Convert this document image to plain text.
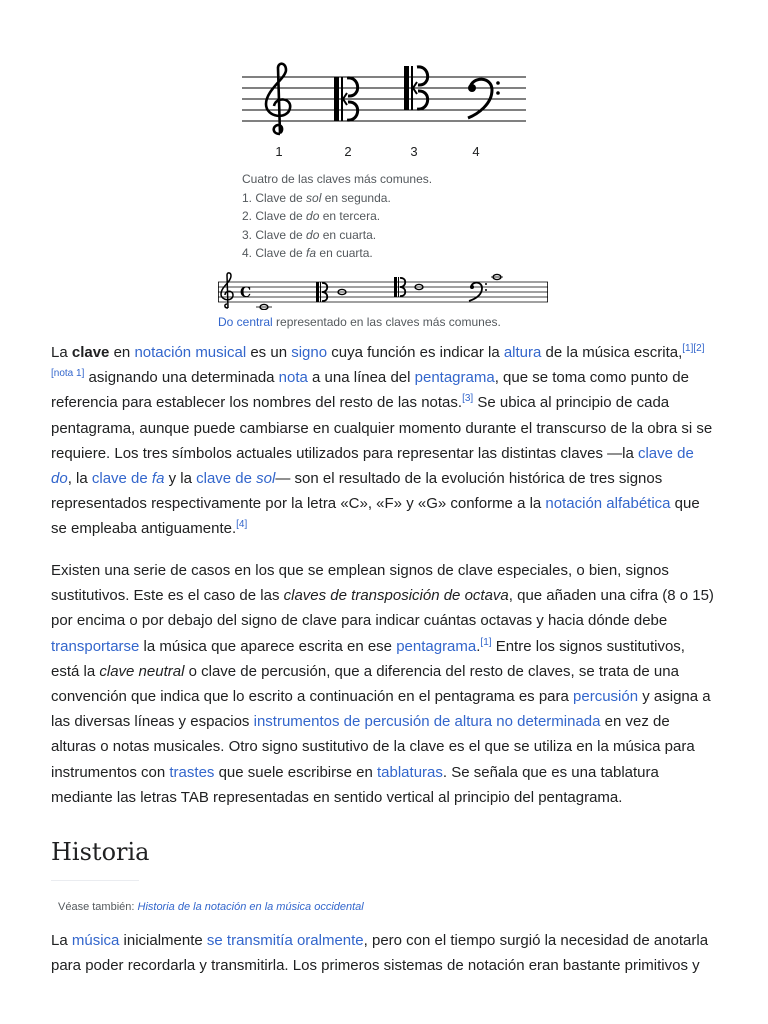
1	2	3	4
Cuatro de las claves más comunes.
1. Clave de sol en segunda.
2. Clave de do en tercera.
3. Clave de do en cuarta.
4. Clave de fa en cuarta.
C
Do central representado en las claves más comunes.

La clave en notación musical es un signo cuya función es indicar la altura de la música escrita,[1][2][nota 1] asignando una determinada nota a una línea del pentagrama, que se toma como punto de referencia para establecer los nombres del resto de las notas.[3] Se ubica al principio de cada pentagrama, aunque puede cambiarse en cualquier momento durante el transcurso de la obra si se requiere. Los tres símbolos actuales utilizados para representar las distintas claves —la clave de do, la clave de fa y la clave de sol— son el resultado de la evolución histórica de tres signos representados respectivamente por la letra «C», «F» y «G» conforme a la notación alfabética que se empleaba antiguamente.[4]

Existen una serie de casos en los que se emplean signos de clave especiales, o bien, signos sustitutivos. Este es el caso de las claves de transposición de octava, que añaden una cifra (8 o 15) por encima o por debajo del signo de clave para indicar cuántas octavas y hacia dónde debe transportarse la música que aparece escrita en ese pentagrama.[1] Entre los signos sustitutivos, está la clave neutral o clave de percusión, que a diferencia del resto de claves, se trata de una convención que indica que lo escrito a continuación en el pentagrama es para percusión y asigna a las diversas líneas y espacios instrumentos de percusión de altura no determinada en vez de alturas o notas musicales. Otro signo sustitutivo de la clave es el que se utiliza en la música para instrumentos con trastes que suele escribirse en tablaturas. Se señala que es una tablatura mediante las letras TAB representadas en sentido vertical al principio del pentagrama.

Historia
Véase también: Historia de la notación en la música occidental

La música inicialmente se transmitía oralmente, pero con el tiempo surgió la necesidad de anotarla para poder recordarla y transmitirla. Los primeros sistemas de notación eran bastante primitivos y
